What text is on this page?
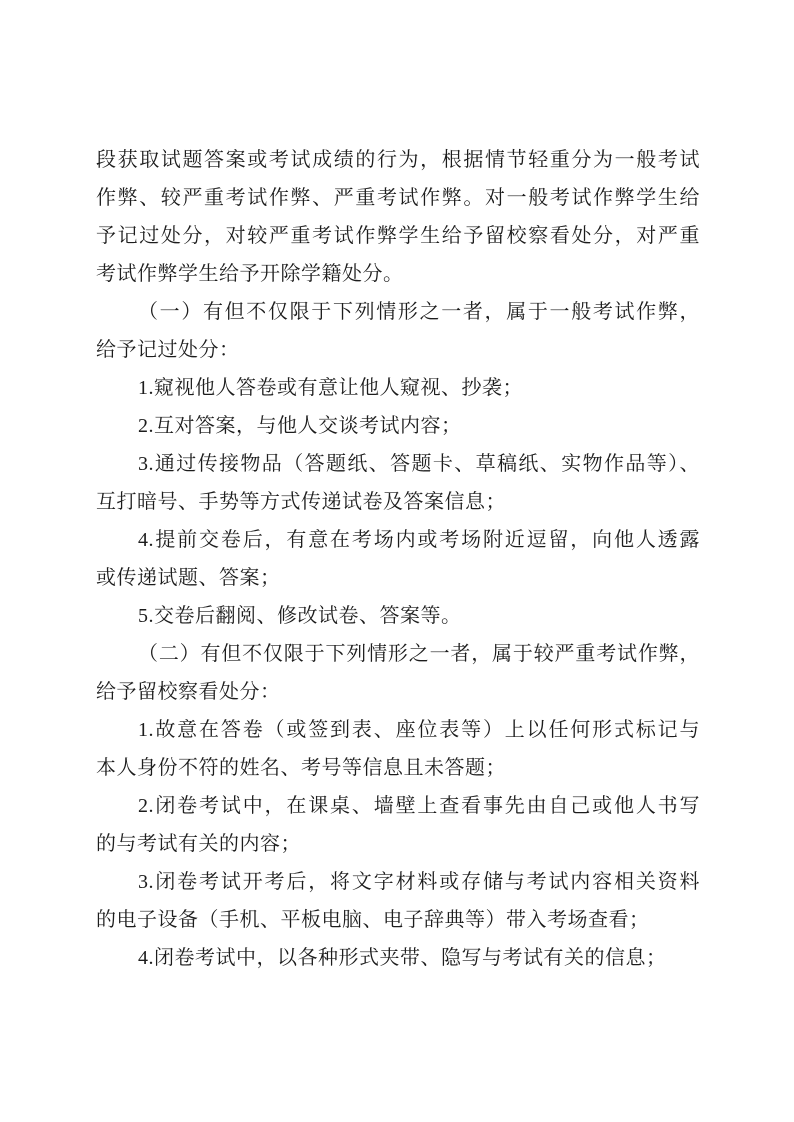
段获取试题答案或考试成绩的行为，根据情节轻重分为一般考试
作弊、较严重考试作弊、严重考试作弊。对一般考试作弊学生给
予记过处分，对较严重考试作弊学生给予留校察看处分，对严重
考试作弊学生给予开除学籍处分。
（一）有但不仅限于下列情形之一者，属于一般考试作弊，
给予记过处分：
1.窥视他人答卷或有意让他人窥视、抄袭；
2.互对答案，与他人交谈考试内容；
3.通过传接物品（答题纸、答题卡、草稿纸、实物作品等）、
互打暗号、手势等方式传递试卷及答案信息；
4.提前交卷后，有意在考场内或考场附近逗留，向他人透露
或传递试题、答案；
5.交卷后翻阅、修改试卷、答案等。
（二）有但不仅限于下列情形之一者，属于较严重考试作弊，
给予留校察看处分：
1.故意在答卷（或签到表、座位表等）上以任何形式标记与
本人身份不符的姓名、考号等信息且未答题；
2.闭卷考试中，在课桌、墙壁上查看事先由自己或他人书写
的与考试有关的内容；
3.闭卷考试开考后，将文字材料或存储与考试内容相关资料
的电子设备（手机、平板电脑、电子辞典等）带入考场查看；
4.闭卷考试中，以各种形式夹带、隐写与考试有关的信息；
